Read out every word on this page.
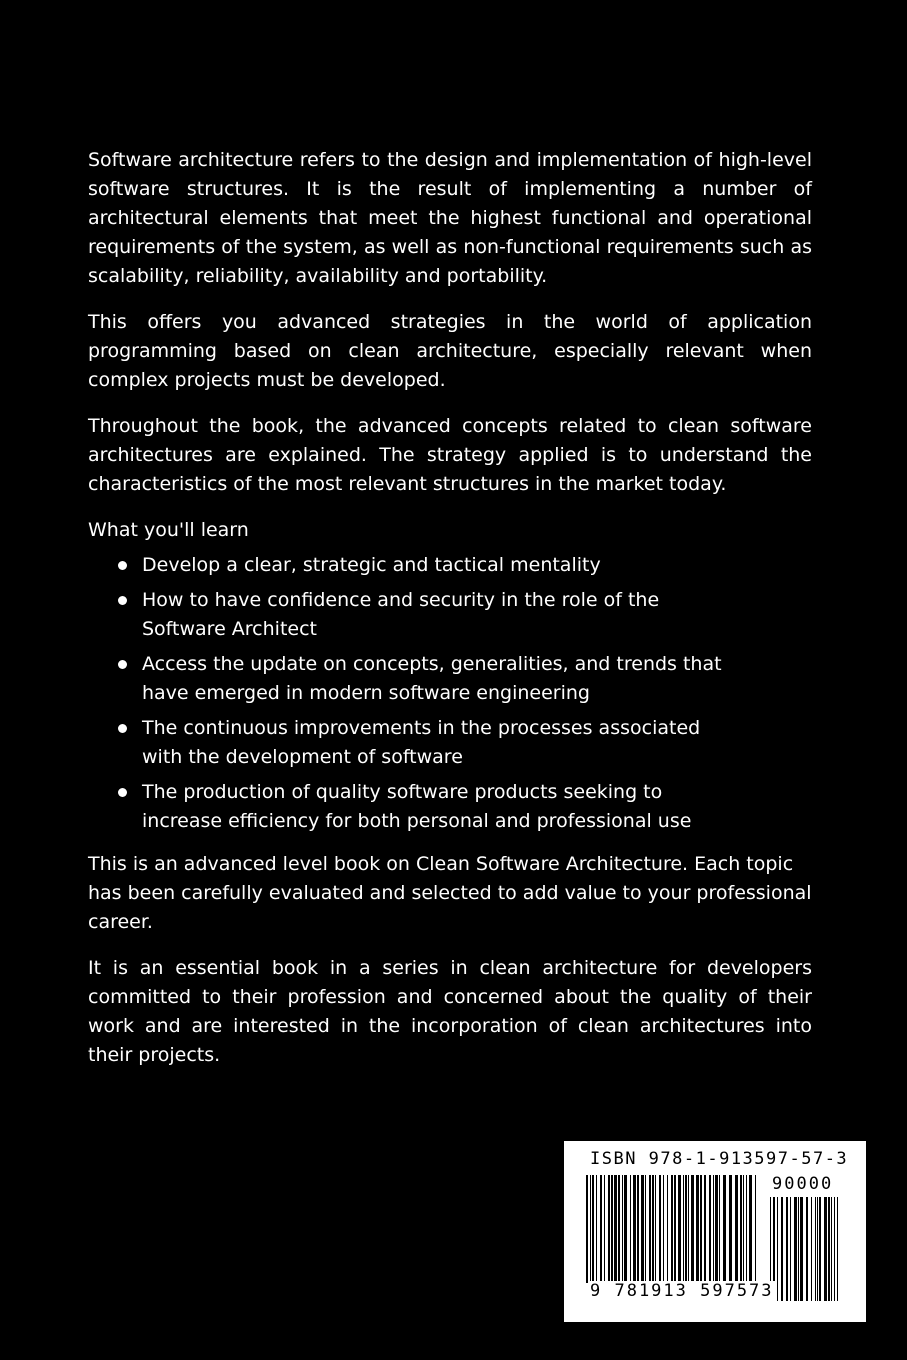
Software architecture refers to the design and implementation of high-level software structures. It is the result of implementing a number of architectural elements that meet the highest functional and operational requirements of the system, as well as non-functional requirements such as scalability, reliability, availability and portability.

This offers you advanced strategies in the world of application programming based on clean architecture, especially relevant when complex projects must be developed.

Throughout the book, the advanced concepts related to clean software architectures are explained. The strategy applied is to understand the characteristics of the most relevant structures in the market today.

What you'll learn

Develop a clear, strategic and tactical mentality
How to have confidence and security in the role of the Software Architect
Access the update on concepts, generalities, and trends that have emerged in modern software engineering
The continuous improvements in the processes associated with the development of software
The production of quality software products seeking to increase efficiency for both personal and professional use

This is an advanced level book on Clean Software Architecture. Each topic has been carefully evaluated and selected to add value to your professional career.

It is an essential book in a series in clean architecture for developers committed to their profession and concerned about the quality of their work and are interested in the incorporation of clean architectures into their projects.

ISBN 978-1-913597-57-3
90000
9 781913 597573
